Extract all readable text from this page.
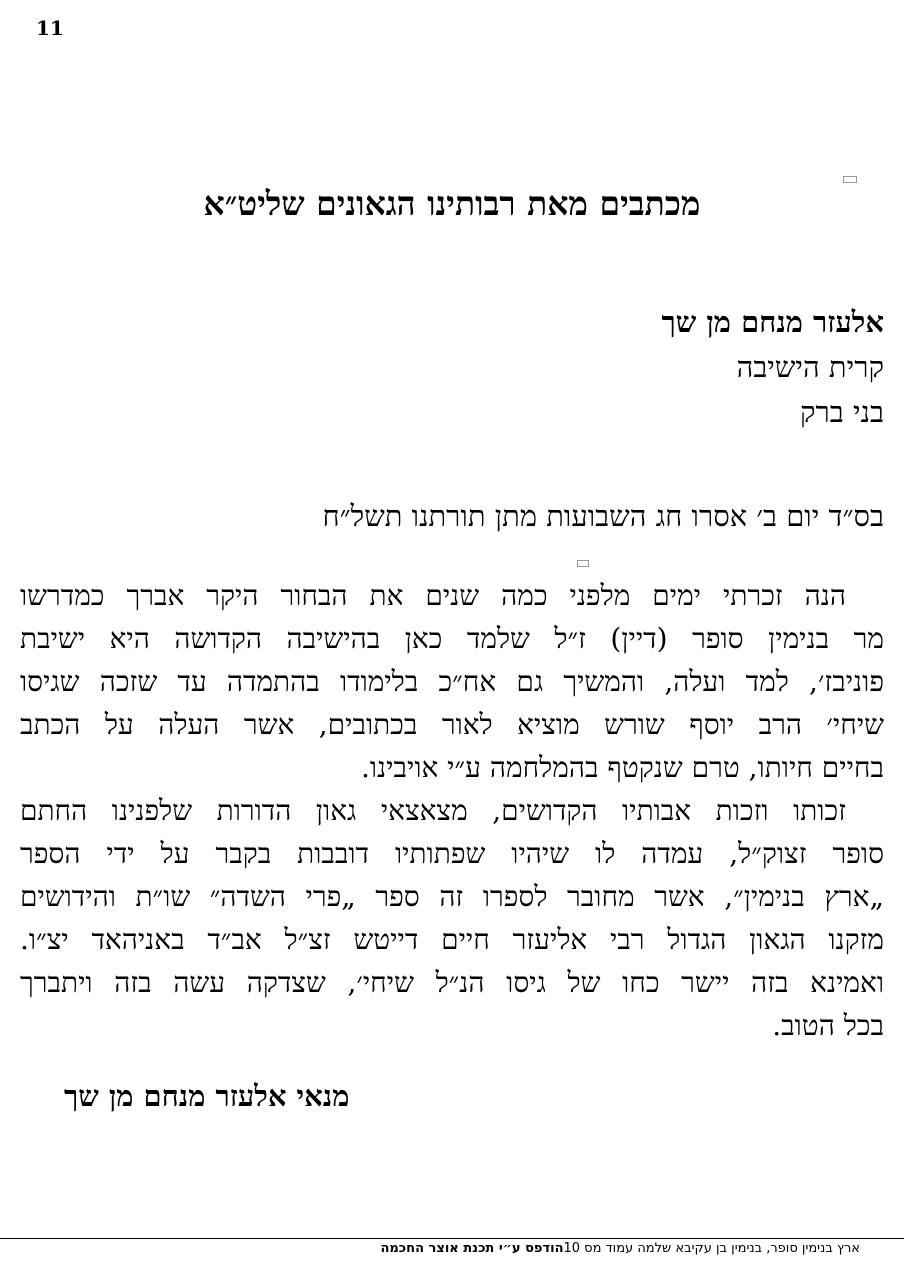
11

מכתבים מאת רבותינו הגאונים שליט״א
אלעזר מנחם מן שך
קרית הישיבה
בני ברק
בס״ד יום ב׳ אסרו חג השבועות מתן תורתנו תשל״ח

הנה זכרתי ימים מלפני כמה שנים את הבחור היקר אברך כמדרשו
מר בנימין סופר (דיין) ז״ל שלמד כאן בהישיבה הקדושה היא ישיבת
פוניבז׳, למד ועלה, והמשיך גם אח״כ בלימודו בהתמדה עד שזכה שגיסו
שיחי׳ הרב יוסף שורש מוציא לאור בכתובים, אשר העלה על הכתב
בחיים חיותו, טרם שנקטף בהמלחמה ע״י אויבינו.

זכותו וזכות אבותיו הקדושים, מצאצאי גאון הדורות שלפנינו החתם
סופר זצוק״ל, עמדה לו שיהיו שפתותיו דובבות בקבר על ידי הספר
„ארץ בנימין״, אשר מחובר לספרו זה ספר „פרי השדה״ שו״ת והידושים
מזקנו הגאון הגדול רבי אליעזר חיים דייטש זצ״ל אב״ד באניהאד יצ״ו.
ואמינא בזה יישר כחו של גיסו הנ״ל שיחי׳, שצדקה עשה בזה ויתברך
בכל הטוב.

מנאי אלעזר מנחם מן שך
ארץ בנימין סופר, בנימין בן עקיבא שלמה עמוד מס 10הודפס ע״י תכנת אוצר החכמה
